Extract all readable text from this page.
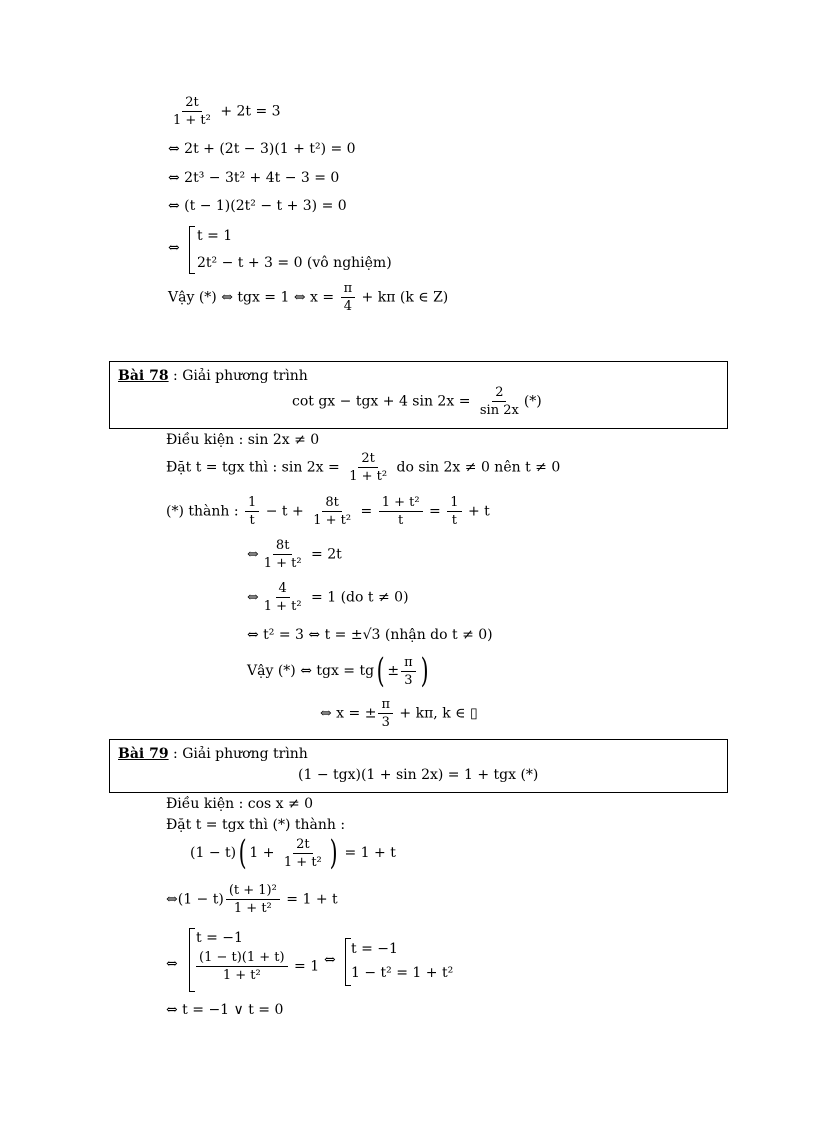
$\frac{2t}{\text{1 + t²}} + 2t = 3$
⇔ 2t + (2t − 3)(1 + t²) = 0
⇔ 2t³ − 3t² + 4t − 3 = 0
⇔ (t − 1)(2t² − t + 3) = 0
⇔
t = 1
2t² − t + 3 = 0 (vô nghiệm)
Vậy (*) ⇔ tgx = 1 ⇔ $x = \frac{\pi}{4} + k\pi$ (k ∈ Z)
Bài 78 : Giải phương trình
cot gx − tgx + 4 $\sin 2x = \frac{2}{\sin 2x}$ (*)
Điều kiện : sin 2x ≠ 0
Đặt t = tgx thì : $\sin 2x = \frac{2t}{\text{1 + t²}}$ do sin 2x ≠ 0 nên t ≠ 0
(*) thành : $\frac{1}{t} - t + \frac{8t}{\text{1 + t²}} = \frac{\text{1 + t²}}{t} = \frac{1}{t} + t$
⇔ $\frac{8t}{\text{1 + t²}} = 2t$
⇔ $\frac{4}{\text{1 + t²}} = 1$ (do t ≠ 0)
⇔ t² = 3 ⇔ t = ±√3 (nhận do t ≠ 0)
Vậy (*) ⇔ tgx = $tg( \pm \frac{\pi}{3}$ )
⇔ x = ± $\frac{\pi}{3} + k\pi$, k ∈ ▯
Bài 79 : Giải phương trình
(1 − tgx)(1 + sin 2x) = 1 + tgx (*)
Điều kiện : cos x ≠ 0
Đặt t = tgx thì (*) thành :
(1 − t)( $1 + \frac{2t}{\text{1 + t²}}$ ) = 1 + t
⇔(1 − $t) \frac{\text{(t + 1)²}}{\text{1 + t²}} = 1 + t$
⇔
t = −1
$\frac{(1 - t)(1 + t)}{\text{1 + t²}} = 1$ ⇔
t = −1
1 − t² = 1 + t²
⇔ t = −1 ∨ t = 0
